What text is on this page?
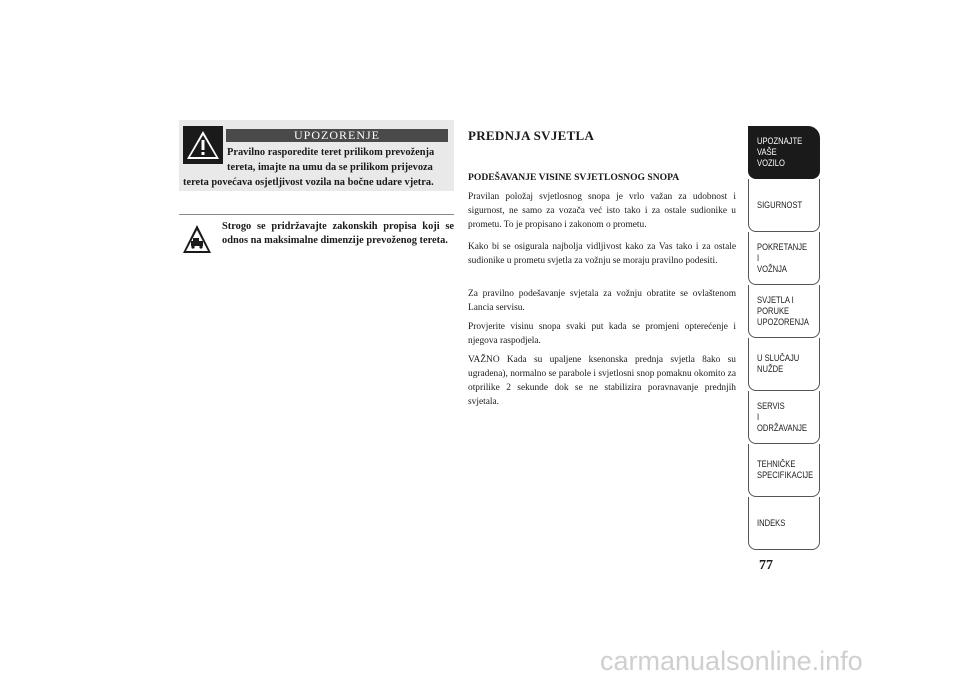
UPOZORENJE
Pravilno rasporedite teret prilikom prevoženja
tereta, imajte na umu da se prilikom prijevoza
tereta povećava osjetljivost vozila na bočne udare vjetra.
Strogo se pridržavajte zakonskih propisa koji se odnos na maksimalne dimenzije prevoženog tereta.
PREDNJA SVJETLA
PODEŠAVANJE VISINE SVJETLOSNOG SNOPA
Pravilan položaj svjetlosnog snopa je vrlo važan za udobnost i sigurnost, ne samo za vozača već isto tako i za ostale sudionike u prometu. To je propisano i zakonom o prometu.
Kako bi se osigurala najbolja vidljivost kako za Vas tako i za ostale sudionike u prometu svjetla za vožnju se moraju pravilno podesiti.
Za pravilno podešavanje svjetala za vožnju obratite se ovlaštenom Lancia servisu.
Provjerite visinu snopa svaki put kada se promjeni opterećenje i njegova raspodjela.
VAŽNO Kada su upaljene ksenonska prednja svjetla 8ako su ugradena), normalno se parabole i svjetlosni snop pomaknu okomito za otprilike 2 sekunde dok se ne stabilizira poravnavanje prednjih svjetala.
UPOZNAJTE
VAŠE
VOZILO
SIGURNOST
POKRETANJE
I
VOŽNJA
SVJETLA I
PORUKE
UPOZORENJA
U SLUČAJU
NUŽDE
SERVIS
I
ODRŽAVANJE
TEHNIČKE
SPECIFIKACIJE
INDEKS
77
carmanualsonline.info
